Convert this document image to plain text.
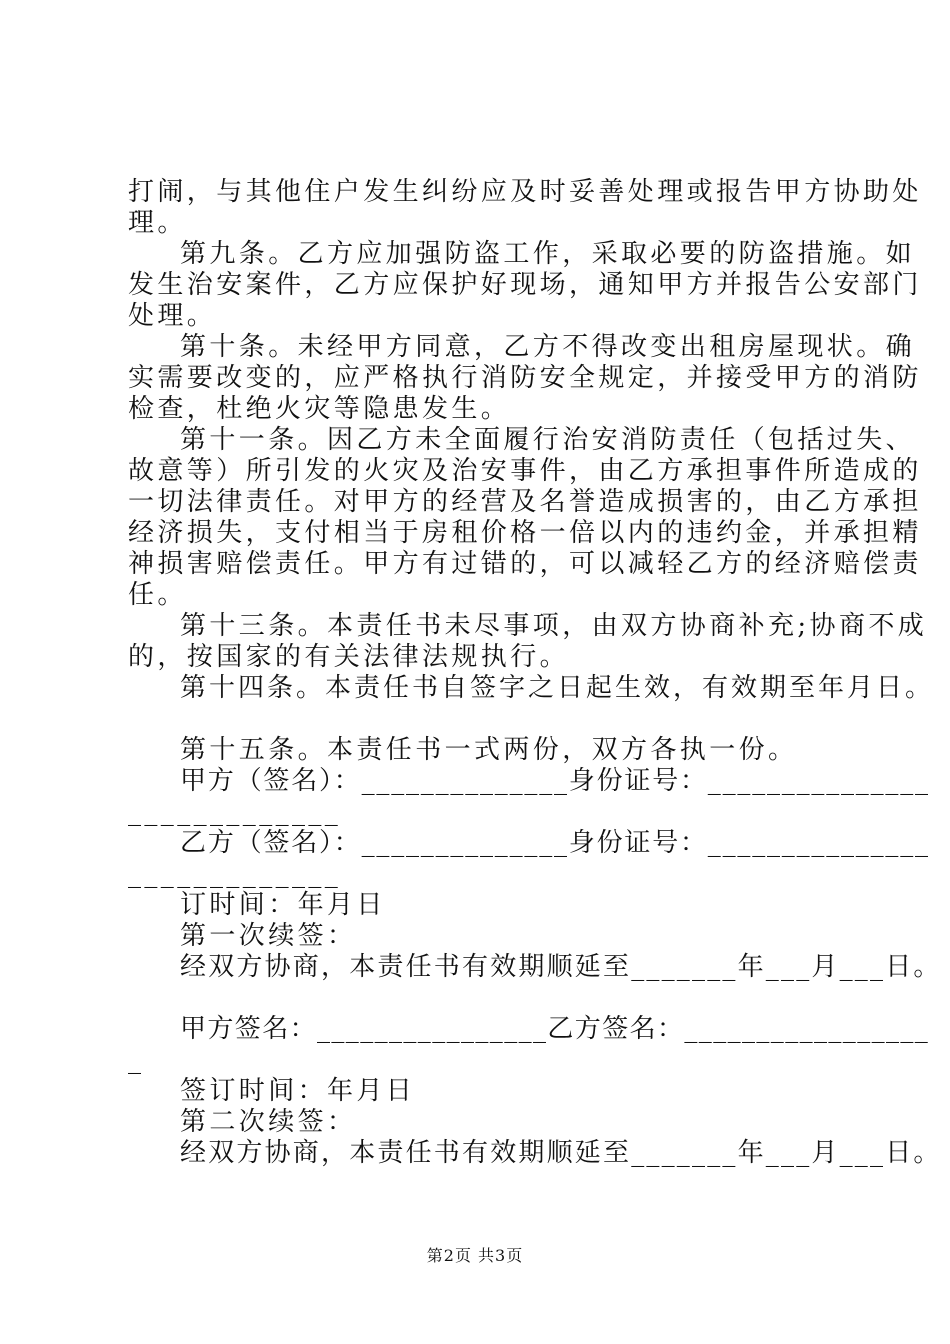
打闹，与其他住户发生纠纷应及时妥善处理或报告甲方协助处
理。
第九条。乙方应加强防盗工作，采取必要的防盗措施。如
发生治安案件，乙方应保护好现场，通知甲方并报告公安部门
处理。
第十条。未经甲方同意，乙方不得改变出租房屋现状。确
实需要改变的，应严格执行消防安全规定，并接受甲方的消防
检查，杜绝火灾等隐患发生。
第十一条。因乙方未全面履行治安消防责任（包括过失、
故意等）所引发的火灾及治安事件，由乙方承担事件所造成的
一切法律责任。对甲方的经营及名誉造成损害的，由乙方承担
经济损失，支付相当于房租价格一倍以内的违约金，并承担精
神损害赔偿责任。甲方有过错的，可以减轻乙方的经济赔偿责
任。
第十三条。本责任书未尽事项，由双方协商补充;协商不成
的，按国家的有关法律法规执行。
第十四条。本责任书自签字之日起生效，有效期至年月日。
第十五条。本责任书一式两份，双方各执一份。
甲方（签名）：______________身份证号：_______________
_____________
乙方（签名）：______________身份证号：_______________
_____________
订时间：年月日
第一次续签：
经双方协商，本责任书有效期顺延至_______年___月___日。
甲方签名：________________乙方签名：_________________
_
签订时间：年月日
第二次续签：
经双方协商，本责任书有效期顺延至_______年___月___日。
第2页 共3页
